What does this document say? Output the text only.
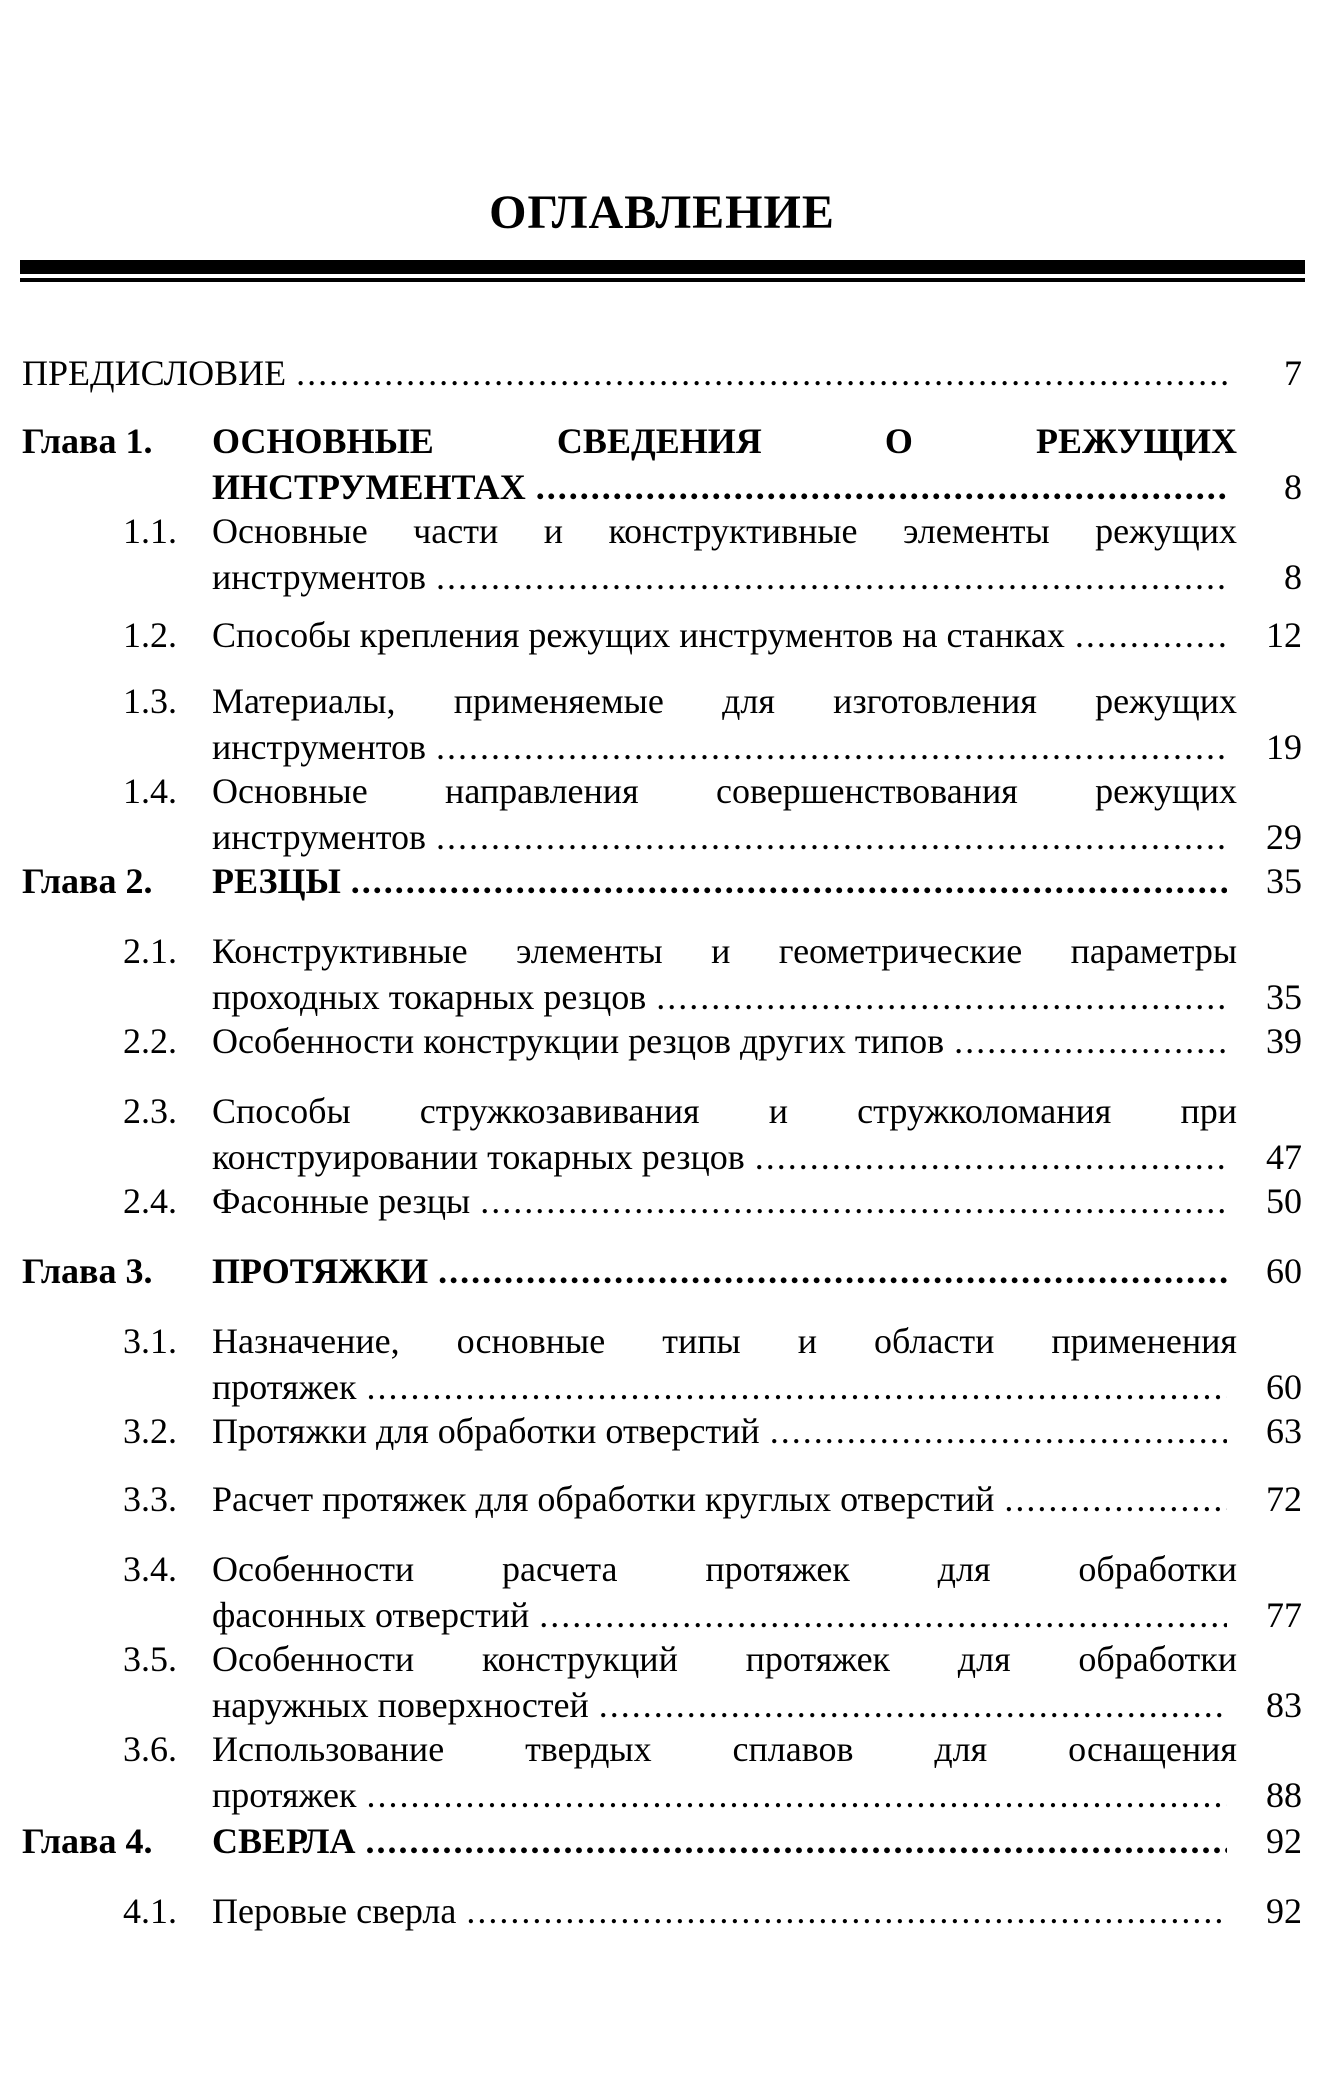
ОГЛАВЛЕНИЕ
ПРЕДИСЛОВИЕ .....	7
Глава 1.	ОСНОВНЫЕ СВЕДЕНИЯ О РЕЖУЩИХ
ИНСТРУМЕНТАХ .....	8
1.1. Основные части и конструктивные элементы режущих
инструментов .....	8
1.2. Способы крепления режущих инструментов на станках .....	12
1.3. Материалы, применяемые для изготовления режущих
инструментов .....	19
1.4. Основные направления совершенствования режущих
инструментов .....	29
Глава 2.	РЕЗЦЫ .....	35
2.1. Конструктивные элементы и геометрические параметры
проходных токарных резцов .....	35
2.2. Особенности конструкции резцов других типов .....	39
2.3. Способы стружкозавивания и стружколомания при
конструировании токарных резцов .....	47
2.4. Фасонные резцы .....	50
Глава 3.	ПРОТЯЖКИ .....	60
3.1. Назначение, основные типы и области применения
протяжек .....	60
3.2. Протяжки для обработки отверстий .....	63
3.3. Расчет протяжек для обработки круглых отверстий .....	72
3.4. Особенности расчета протяжек для обработки
фасонных отверстий .....	77
3.5. Особенности конструкций протяжек для обработки
наружных поверхностей .....	83
3.6. Использование твердых сплавов для оснащения
протяжек .....	88
Глава 4.	СВЕРЛА .....	92
4.1. Перовые сверла .....	92
